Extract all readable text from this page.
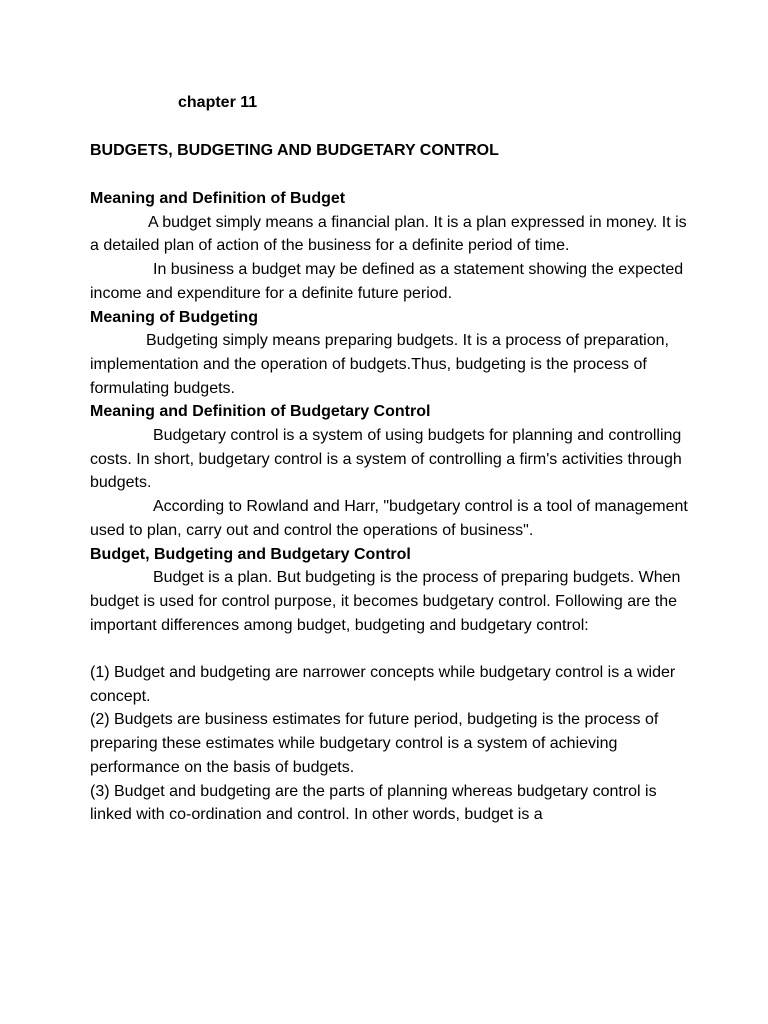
chapter 11
BUDGETS, BUDGETING AND BUDGETARY CONTROL

Meaning and Definition of Budget

A budget simply means a financial plan. It is a plan expressed in money. It is a detailed plan of action of the business for a definite period of time.

In business a budget may be defined as a statement showing the expected income and expenditure for a definite future period.

Meaning of Budgeting

Budgeting simply means preparing budgets. It is a process of preparation, implementation and the operation of budgets.Thus, budgeting is the process of formulating budgets.

Meaning and Definition of Budgetary Control

Budgetary control is a system of using budgets for planning and controlling costs. In short, budgetary control is a system of controlling a firm's activities through budgets.

According to Rowland and Harr, "budgetary control is a tool of management used to plan, carry out and control the operations of business".

Budget, Budgeting and Budgetary Control

Budget is a plan. But budgeting is the process of preparing budgets. When budget is used for control purpose, it becomes budgetary control. Following are the important differences among budget, budgeting and budgetary control:

(1) Budget and budgeting are narrower concepts while budgetary control is a wider concept.

(2) Budgets are business estimates for future period, budgeting is the process of preparing these estimates while budgetary control is a system of achieving performance on the basis of budgets.

(3) Budget and budgeting are the parts of planning whereas budgetary control is linked with co-ordination and control. In other words, budget is a
